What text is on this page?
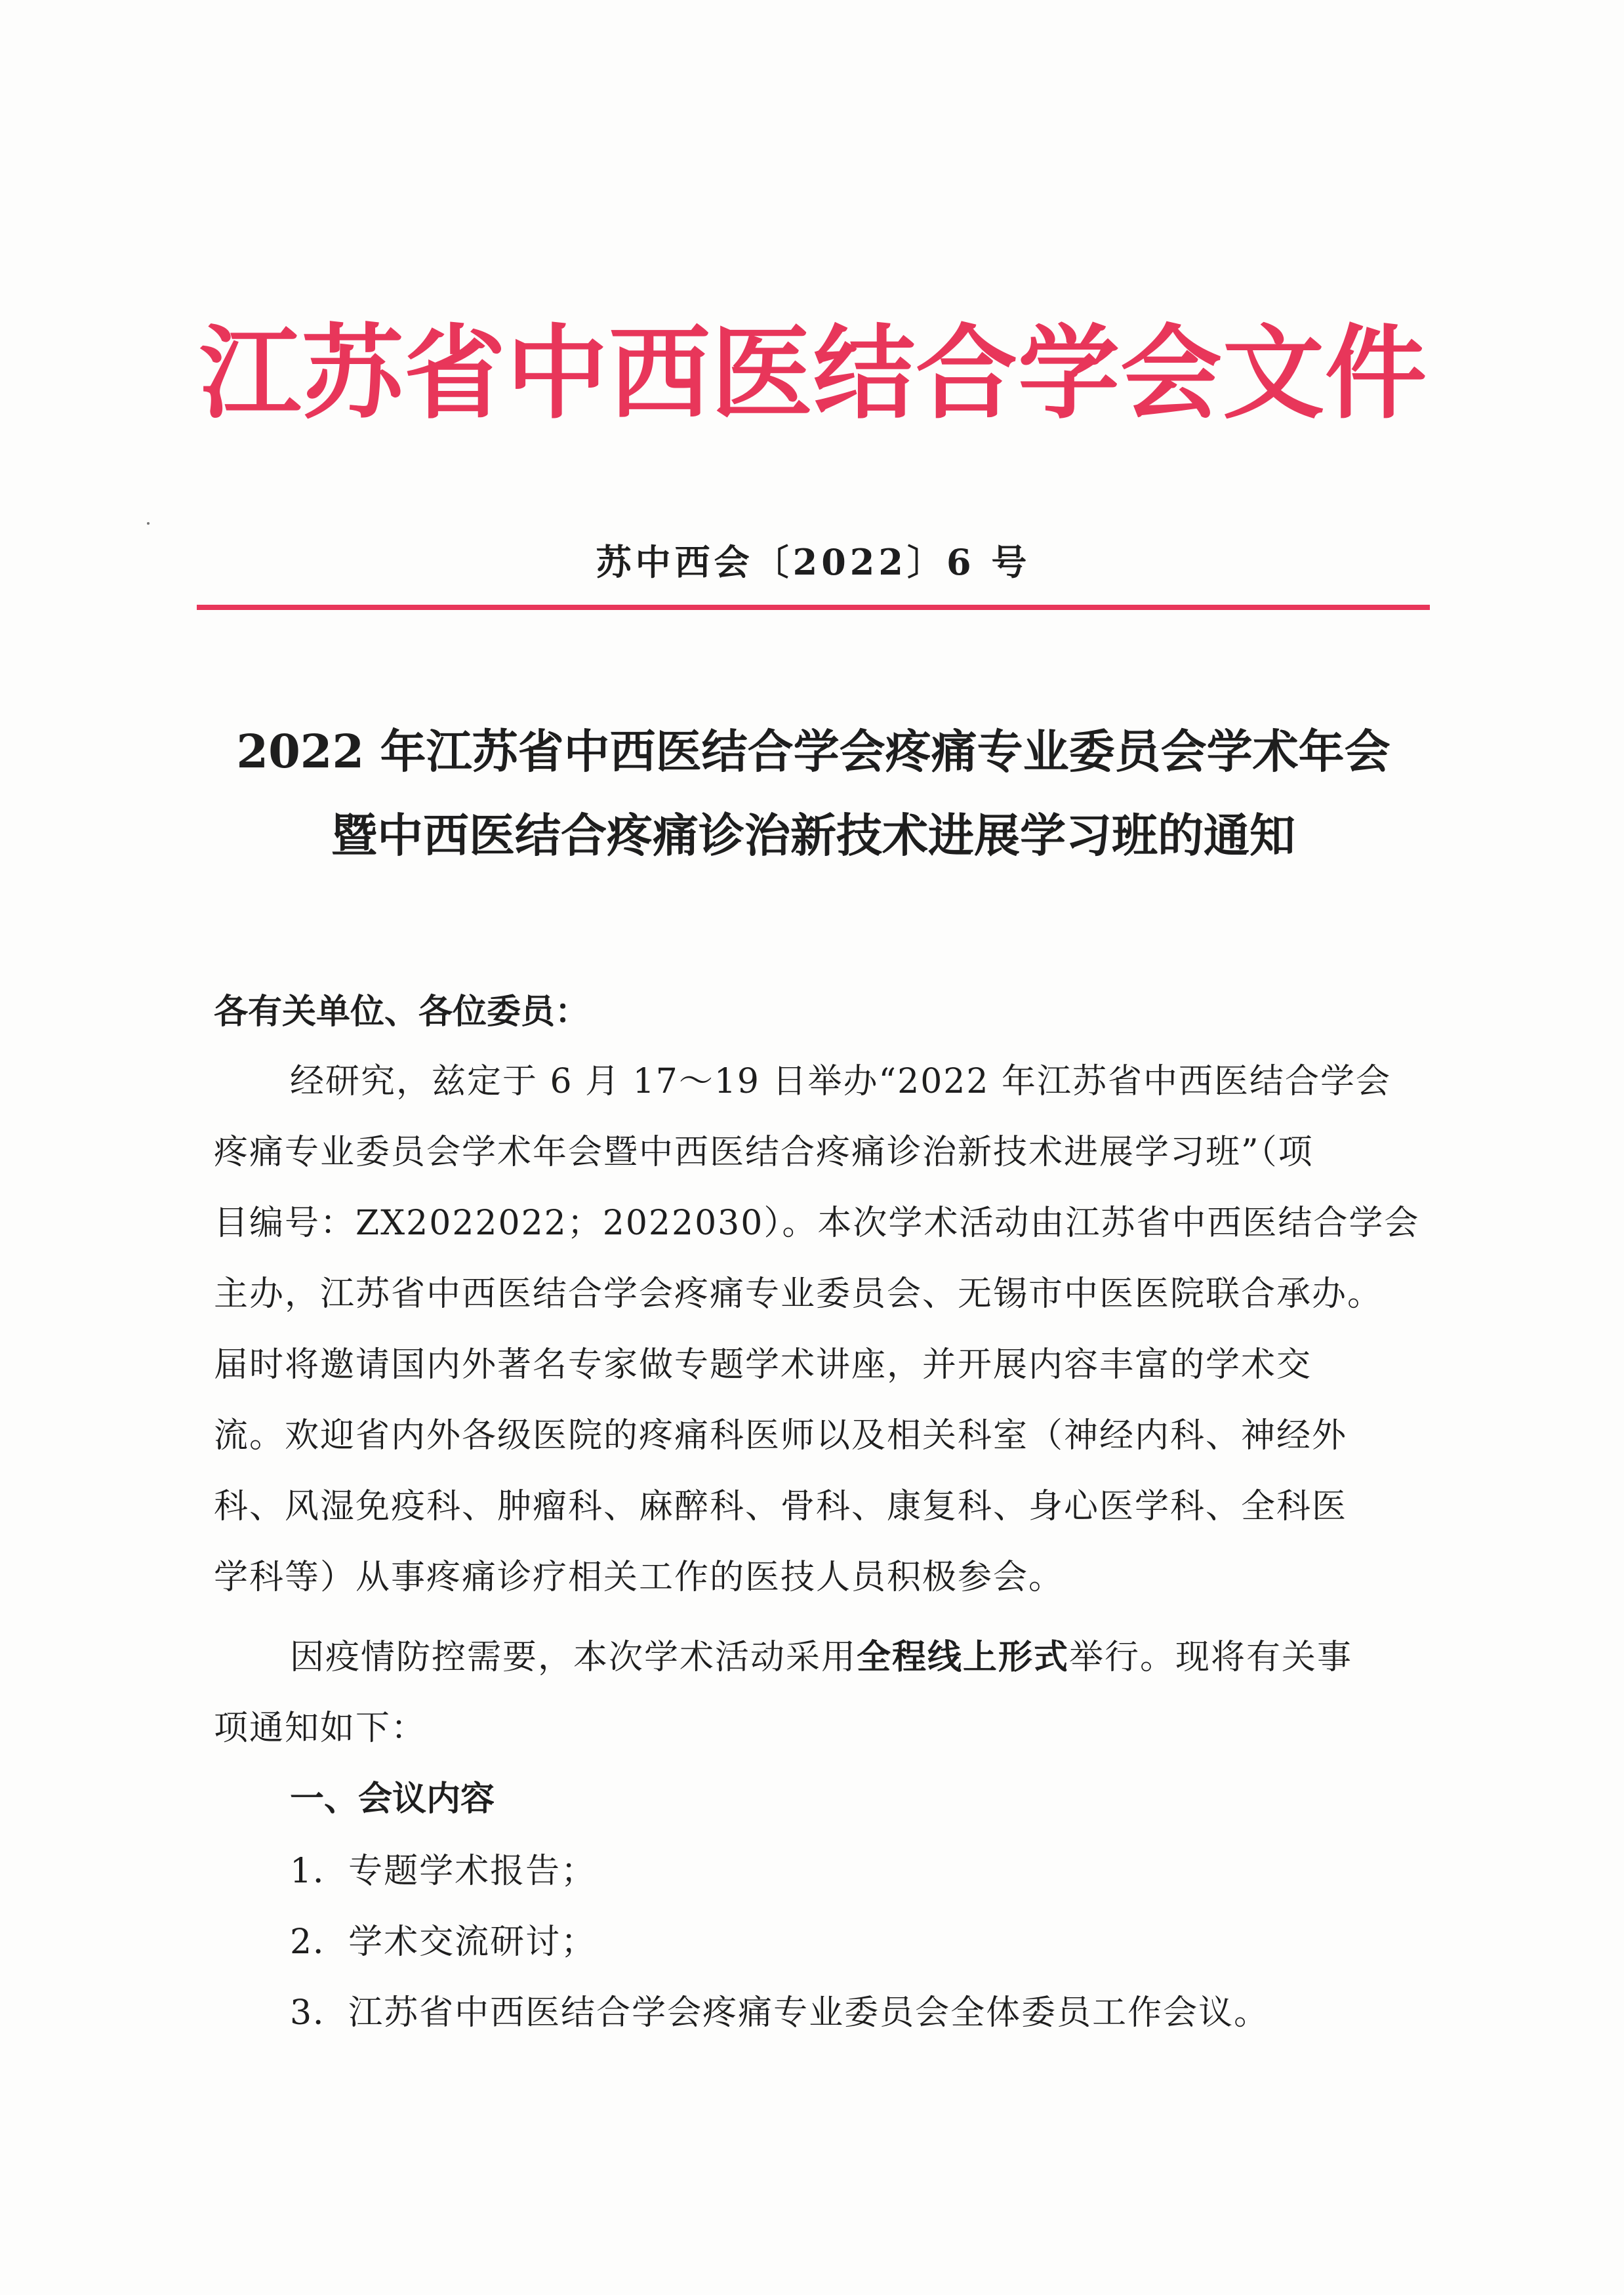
江苏省中西医结合学会文件
苏中西会〔2022〕6 号
2022 年江苏省中西医结合学会疼痛专业委员会学术年会
暨中西医结合疼痛诊治新技术进展学习班的通知
各有关单位、各位委员：
经研究，兹定于 6 月 17～19 日举办“2022 年江苏省中西医结合学会
疼痛专业委员会学术年会暨中西医结合疼痛诊治新技术进展学习班”（项
目编号：ZX2022022；2022030）。本次学术活动由江苏省中西医结合学会
主办，江苏省中西医结合学会疼痛专业委员会、无锡市中医医院联合承办。
届时将邀请国内外著名专家做专题学术讲座，并开展内容丰富的学术交
流。欢迎省内外各级医院的疼痛科医师以及相关科室（神经内科、神经外
科、风湿免疫科、肿瘤科、麻醉科、骨科、康复科、身心医学科、全科医
学科等）从事疼痛诊疗相关工作的医技人员积极参会。
因疫情防控需要，本次学术活动采用全程线上形式举行。现将有关事
项通知如下：
一、会议内容
1．专题学术报告；
2．学术交流研讨；
3．江苏省中西医结合学会疼痛专业委员会全体委员工作会议。
